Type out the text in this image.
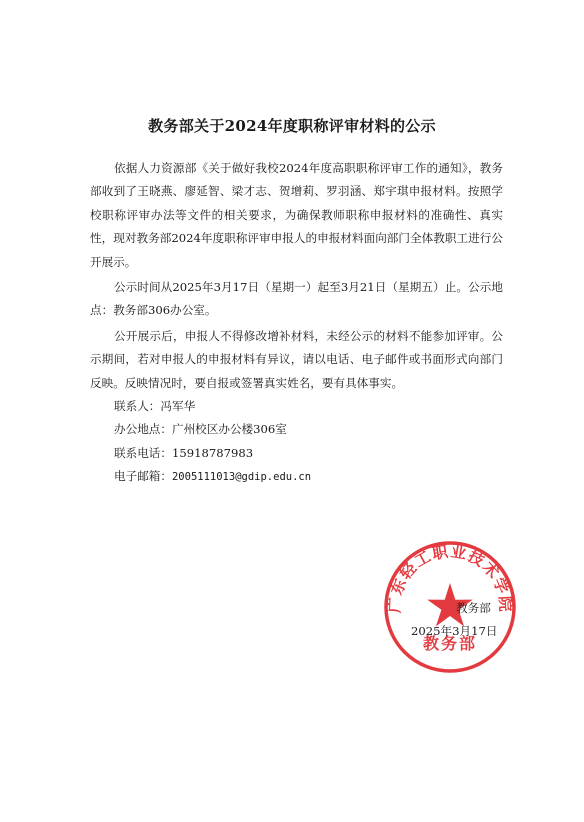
教务部关于2024年度职称评审材料的公示

依据人力资源部《关于做好我校2024年度高职职称评审工作的通知》，教务部收到了王晓燕、廖延智、梁才志、贺增莉、罗羽涵、郑宇琪申报材料。按照学校职称评审办法等文件的相关要求，为确保教师职称申报材料的准确性、真实性，现对教务部2024年度职称评审申报人的申报材料面向部门全体教职工进行公开展示。

公示时间从2025年3月17日（星期一）起至3月21日（星期五）止。公示地点：教务部306办公室。

公开展示后，申报人不得修改增补材料，未经公示的材料不能参加评审。公示期间，若对申报人的申报材料有异议，请以电话、电子邮件或书面形式向部门反映。反映情况时，要自报或签署真实姓名，要有具体事实。

联系人：冯军华

办公地点：广州校区办公楼306室

联系电话：15918787983

电子邮箱：2005111013@gdip.edu.cn

广东轻工职业技术学院
教务部

教务部

2025年3月17日
